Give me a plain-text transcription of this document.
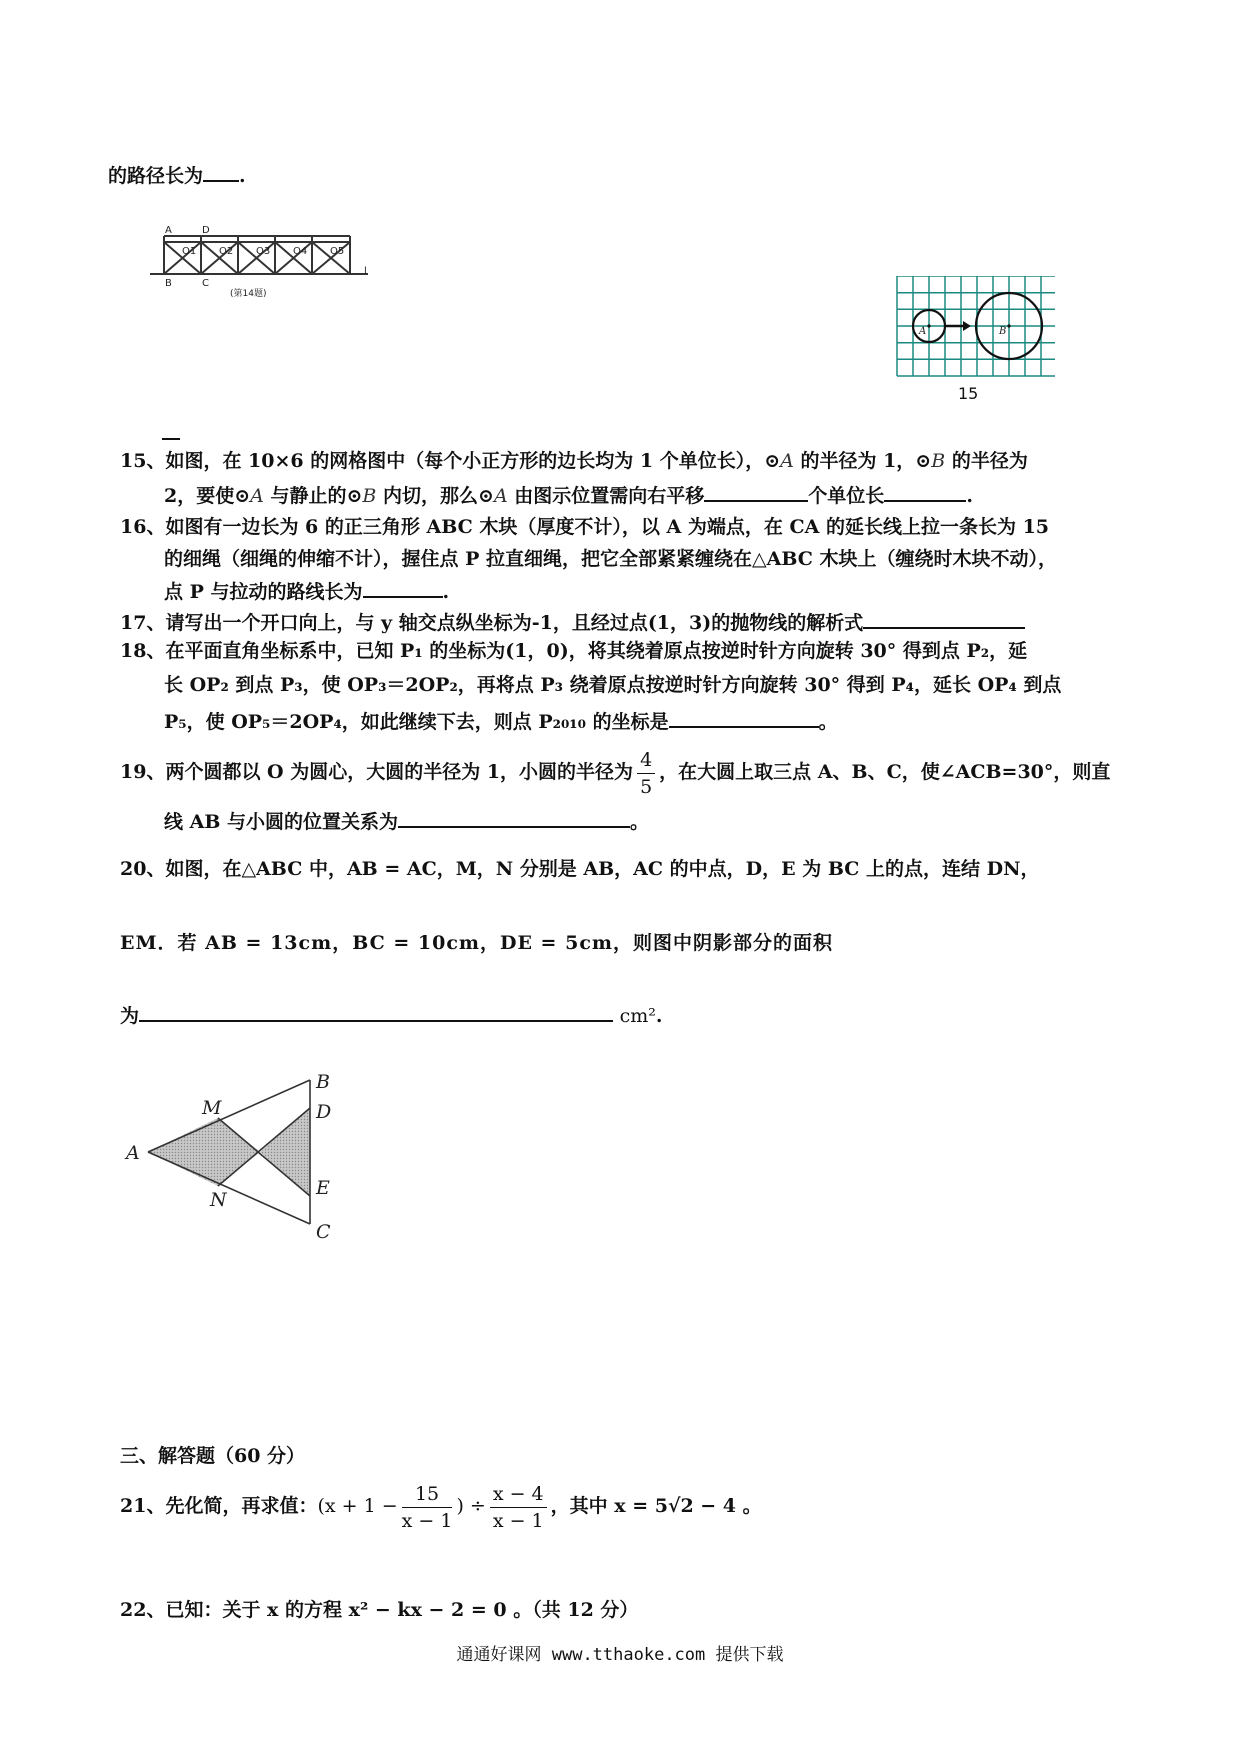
的路径长为 .
A	D
B	C
l
O1 O2 O3 O4 O5
(第14题)
A	B
15
15、如图，在 10×6 的网格图中（每个小正方形的边长均为 1 个单位长），⊙A 的半径为 1，⊙B 的半径为
2，要使⊙A 与静止的⊙B 内切，那么⊙A 由图示位置需向右平移	个单位长	.
16、如图有一边长为 6 的正三角形 ABC 木块（厚度不计），以 A 为端点，在 CA 的延长线上拉一条长为 15
的细绳（细绳的伸缩不计），握住点 P 拉直细绳，把它全部紧紧缠绕在△ABC 木块上（缠绕时木块不动），
点 P 与拉动的路线长为	.
17、请写出一个开口向上，与 y 轴交点纵坐标为-1，且经过点(1，3)的抛物线的解析式
18、在平面直角坐标系中，已知 P₁ 的坐标为(1，0)，将其绕着原点按逆时针方向旋转 30° 得到点 P₂，延
长 OP₂ 到点 P₃，使 OP₃＝2OP₂，再将点 P₃ 绕着原点按逆时针方向旋转 30° 得到 P₄，延长 OP₄ 到点
P₅，使 OP₅＝2OP₄，如此继续下去，则点 P₂₀₁₀ 的坐标是	。
19、两个圆都以 O 为圆心，大圆的半径为 1，小圆的半径为 $\frac{4}{5}$ ，在大圆上取三点 A、B、C，使∠ACB=30°，则直
线 AB 与小圆的位置关系为	。
20、如图，在△ABC 中，AB = AC，M，N 分别是 AB，AC 的中点，D，E 为 BC 上的点，连结 DN，
EM．若 AB = 13cm，BC = 10cm，DE = 5cm，则图中阴影部分的面积
为	cm².
A
B
C
D
E
M
N
三、解答题（60 分）
21、先化简，再求值：($x + 1 - \frac{15}{x - 1}$ ) ÷ $\frac{x - 4}{x - 1}$ ，其中 x = 5√2 − 4 。
22、已知：关于 x 的方程 x² − kx − 2 = 0 。（共 12 分）
通通好课网 www.tthaoke.com 提供下载
